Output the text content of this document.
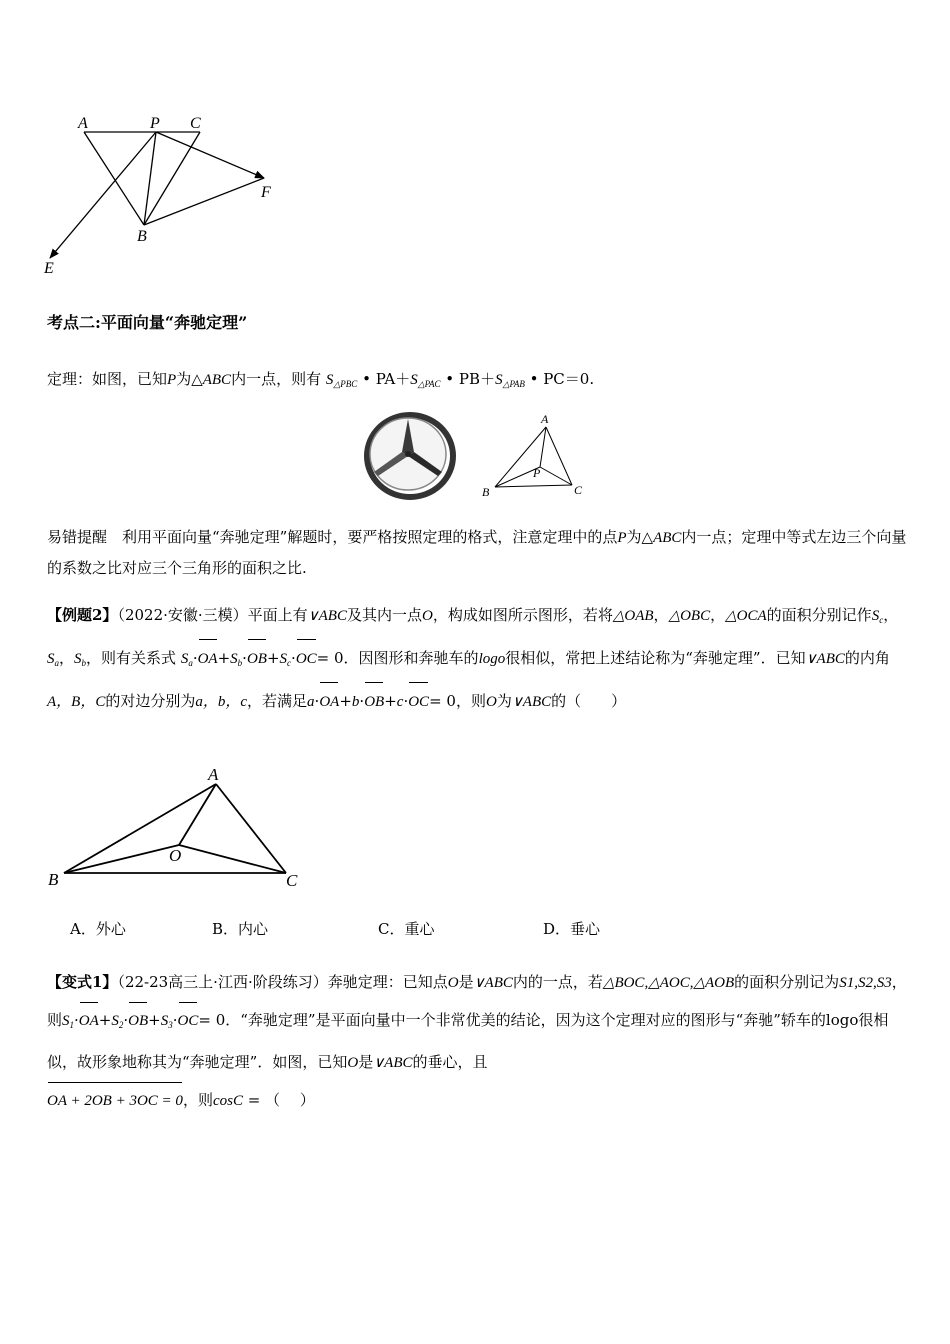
A	P C
F
B
E
考点二:平面向量“奔驰定理”
定理：如图，已知P为△ABC内一点，则有 $S_{\triangle PBC}$ • $PA+S_{\triangle PAC}$ • $PB+S_{\triangle PAB}$ • PC＝0.
A
P
B	C
易错提醒　利用平面向量“奔驰定理”解题时，要严格按照定理的格式，注意定理中的点P为△ABC内一点；定理中等式左边三个向量的系数之比对应三个三角形的面积之比.
【例题2】（2022·安徽·三模）平面上有∨ABC及其内一点O，构成如图所示图形，若将△OAB，△OBC，△OCA的面积分别记作$S_c$，$S_a$，$S_b$，则有关系式 $S_a\cdot OA+S_b\cdot OB+S_c\cdot OC= 0$．因图形和奔驰车的logo很相似，常把上述结论称为“奔驰定理”．已知∨ABC的内角A，B，C的对边分别为a，b，c，若满足a·OA+b·OB+c·OC= 0，则O为∨ABC的（　　）
A
O
B	C
A．外心	B．内心	C．重心	D．垂心
【变式1】（22-23高三上·江西·阶段练习）奔驰定理：已知点O是∨ABC内的一点，若△BOC,△AOC,△AOB的面积分别记为S1,S2,S3，则$S_1\cdot OA+S_2\cdot OB+S_3\cdot OC= 0$．“奔驰定理”是平面向量中一个非常优美的结论，因为这个定理对应的图形与“奔驰”轿车的logo很相似，故形象地称其为“奔驰定理”．如图，已知O是∨ABC的垂心，且
OA + 2OB + 3OC = 0，则cosC = （　 ）
